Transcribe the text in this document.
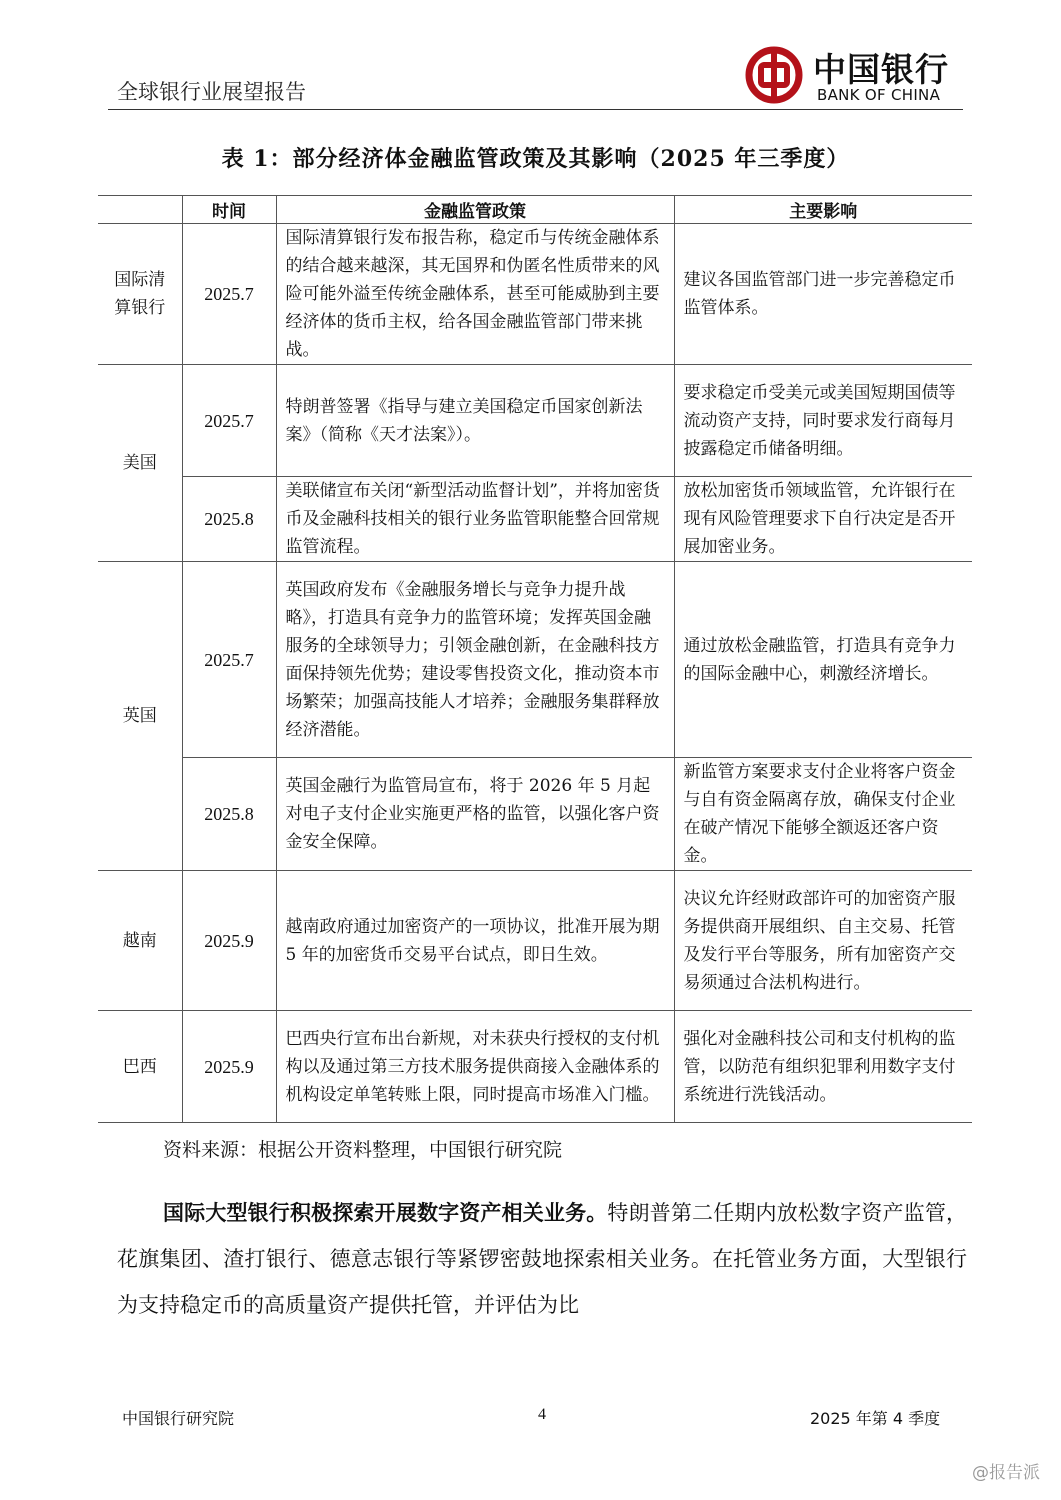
全球银行业展望报告
中国银行
BANK OF CHINA
表 1：部分经济体金融监管政策及其影响（2025 年三季度）
	时间	金融监管政策	主要影响
国际清算银行	2025.7	国际清算银行发布报告称，稳定币与传统金融体系的结合越来越深，其无国界和伪匿名性质带来的风险可能外溢至传统金融体系，甚至可能威胁到主要经济体的货币主权，给各国金融监管部门带来挑战。	建议各国监管部门进一步完善稳定币监管体系。
美国	2025.7	特朗普签署《指导与建立美国稳定币国家创新法案》（简称《天才法案》）。	要求稳定币受美元或美国短期国债等流动资产支持，同时要求发行商每月披露稳定币储备明细。
	2025.8	美联储宣布关闭“新型活动监督计划”，并将加密货币及金融科技相关的银行业务监管职能整合回常规监管流程。	放松加密货币领域监管，允许银行在现有风险管理要求下自行决定是否开展加密业务。
英国	2025.7	英国政府发布《金融服务增长与竞争力提升战略》，打造具有竞争力的监管环境；发挥英国金融服务的全球领导力；引领金融创新，在金融科技方面保持领先优势；建设零售投资文化，推动资本市场繁荣；加强高技能人才培养；金融服务集群释放经济潜能。	通过放松金融监管，打造具有竞争力的国际金融中心，刺激经济增长。
	2025.8	英国金融行为监管局宣布，将于 2026 年 5 月起对电子支付企业实施更严格的监管，以强化客户资金安全保障。	新监管方案要求支付企业将客户资金与自有资金隔离存放，确保支付企业在破产情况下能够全额返还客户资金。
越南	2025.9	越南政府通过加密资产的一项协议，批准开展为期 5 年的加密货币交易平台试点，即日生效。	决议允许经财政部许可的加密资产服务提供商开展组织、自主交易、托管及发行平台等服务，所有加密资产交易须通过合法机构进行。
巴西	2025.9	巴西央行宣布出台新规，对未获央行授权的支付机构以及通过第三方技术服务提供商接入金融体系的机构设定单笔转账上限，同时提高市场准入门槛。	强化对金融科技公司和支付机构的监管，以防范有组织犯罪利用数字支付系统进行洗钱活动。
资料来源：根据公开资料整理，中国银行研究院
国际大型银行积极探索开展数字资产相关业务。特朗普第二任期内放松数字资产监管，花旗集团、渣打银行、德意志银行等紧锣密鼓地探索相关业务。在托管业务方面，大型银行为支持稳定币的高质量资产提供托管，并评估为比
中国银行研究院	4	2025 年第 4 季度
@报告派
